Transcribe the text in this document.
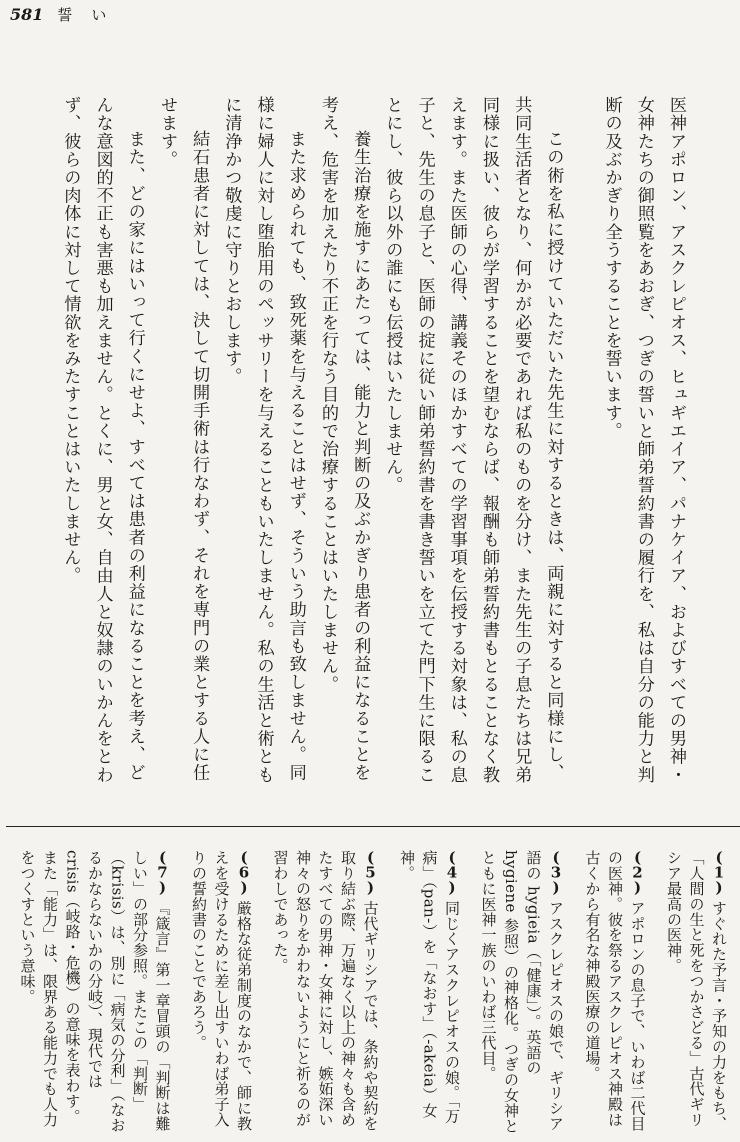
581 誓　い

医神アポロン、アスクレピオス、ヒュギエイア、パナケイア、およびすべての男神・女神たちの御照覧をあおぎ、つぎの誓いと師弟誓約書の履行を、私は自分の能力と判断の及ぶかぎり全うすることを誓います。

この術を私に授けていただいた先生に対するときは、両親に対すると同様にし、共同生活者となり、何かが必要であれば私のものを分け、また先生の子息たちは兄弟同様に扱い、彼らが学習することを望むならば、報酬も師弟誓約書もとることなく教えます。また医師の心得、講義そのほかすべての学習事項を伝授する対象は、私の息子と、先生の息子と、医師の掟に従い師弟誓約書を書き誓いを立てた門下生に限ることにし、彼ら以外の誰にも伝授はいたしません。

養生治療を施すにあたっては、能力と判断の及ぶかぎり患者の利益になることを考え、危害を加えたり不正を行なう目的で治療することはいたしません。

また求められても、致死薬を与えることはせず、そういう助言も致しません。同様に婦人に対し堕胎用のペッサリーを与えることもいたしません。私の生活と術ともに清浄かつ敬虔に守りとおします。

結石患者に対しては、決して切開手術は行なわず、それを専門の業とする人に任せます。

また、どの家にはいって行くにせよ、すべては患者の利益になることを考え、どんな意図的不正も害悪も加えません。とくに、男と女、自由人と奴隷のいかんをとわず、彼らの肉体に対して情欲をみたすことはいたしません。

(1) すぐれた予言・予知の力をもち、「人間の生と死をつかさどる」古代ギリシア最高の医神。

(2) アポロンの息子で、いわば二代目の医神。彼を祭るアスクレピオス神殿は古くから有名な神殿医療の道場。

(3) アスクレピオスの娘で、ギリシア語の hygieia（「健康」）。英語の hygiene 参照）の神格化。つぎの女神とともに医神一族のいわば三代目。

(4) 同じくアスクレピオスの娘。「万病」（pan-）を「なおす」（-akeia）女神。

(5) 古代ギリシアでは、条約や契約を取り結ぶ際、万遍なく以上の神々も含めたすべての男神・女神に対し、嫉妬深い神々の怒りをかわないようにと祈るのが習わしであった。

(6) 厳格な従弟制度のなかで、師に教えを受けるために差し出すいわば弟子入りの誓約書のことであろう。

(7) 『箴言』第一章冒頭の「判断は難しい」の部分参照。またこの「判断」（krisis）は、別に「病気の分利」（なおるかならないかの分岐）、現代では crisis（岐路・危機）の意味を表わす。また「能力」は、限界ある能力でも人力をつくすという意味。
